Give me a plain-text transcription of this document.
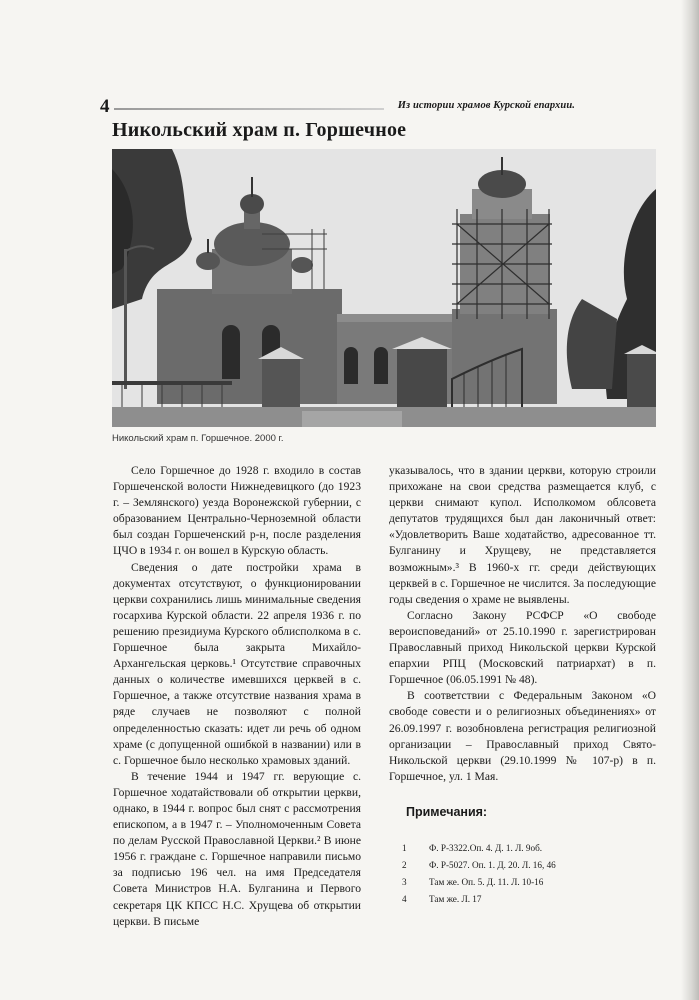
4	Из истории храмов Курской епархии.
Никольский храм п. Горшечное
Никольский храм п. Горшечное. 2000 г.

Село Горшечное до 1928 г. входило в состав Горшеченской волости Нижнедевицкого (до 1923 г. – Землянского) уезда Воронежской губернии, с образованием Центрально-Черноземной области был создан Горшеченский р-н, после разделения ЦЧО в 1934 г. он вошел в Курскую область.

Сведения о дате постройки храма в документах отсутствуют, о функционировании церкви сохранились лишь минимальные сведения госархива Курской области. 22 апреля 1936 г. по решению президиума Курского облисполкома в с. Горшечное была закрыта Михайло-Архангельская церковь.¹ Отсутствие справочных данных о количестве имевшихся церквей в с. Горшечное, а также отсутствие названия храма в ряде случаев не позволяют с полной определенностью сказать: идет ли речь об одном храме (с допущенной ошибкой в названии) или в с. Горшечное было несколько храмовых зданий.

В течение 1944 и 1947 гг. верующие с. Горшечное ходатайствовали об открытии церкви, однако, в 1944 г. вопрос был снят с рассмотрения епископом, а в 1947 г. – Уполномоченным Совета по делам Русской Православной Церкви.² В июне 1956 г. граждане с. Горшечное направили письмо за подписью 196 чел. на имя Председателя Совета Министров Н.А. Булганина и Первого секретаря ЦК КПСС Н.С. Хрущева об открытии церкви. В письме

указывалось, что в здании церкви, которую строили прихожане на свои средства размещается клуб, с церкви снимают купол. Исполкомом облсовета депутатов трудящихся был дан лаконичный ответ: «Удовлетворить Ваше ходатайство, адресованное тт. Булганину и Хрущеву, не представляется возможным».³ В 1960-х гг. среди действующих церквей в с. Горшечное не числится. За последующие годы сведения о храме не выявлены.

Согласно Закону РСФСР «О свободе вероисповеданий» от 25.10.1990 г. зарегистрирован Православный приход Никольской церкви Курской епархии РПЦ (Московский патриархат) в п. Горшечное (06.05.1991 № 48).

В соответствии с Федеральным Законом «О свободе совести и о религиозных объединениях» от 26.09.1997 г. возобновлена регистрация религиозной организации – Православный приход Свято-Никольской церкви (29.10.1999 № 107-р) в п. Горшечное, ул. 1 Мая.

Примечания:
1 Ф. Р-3322.Оп. 4. Д. 1. Л. 9об.
2 Ф. Р-5027. Оп. 1. Д. 20. Л. 16, 46
3 Там же. Оп. 5. Д. 11. Л. 10-16
4 Там же. Л. 17
